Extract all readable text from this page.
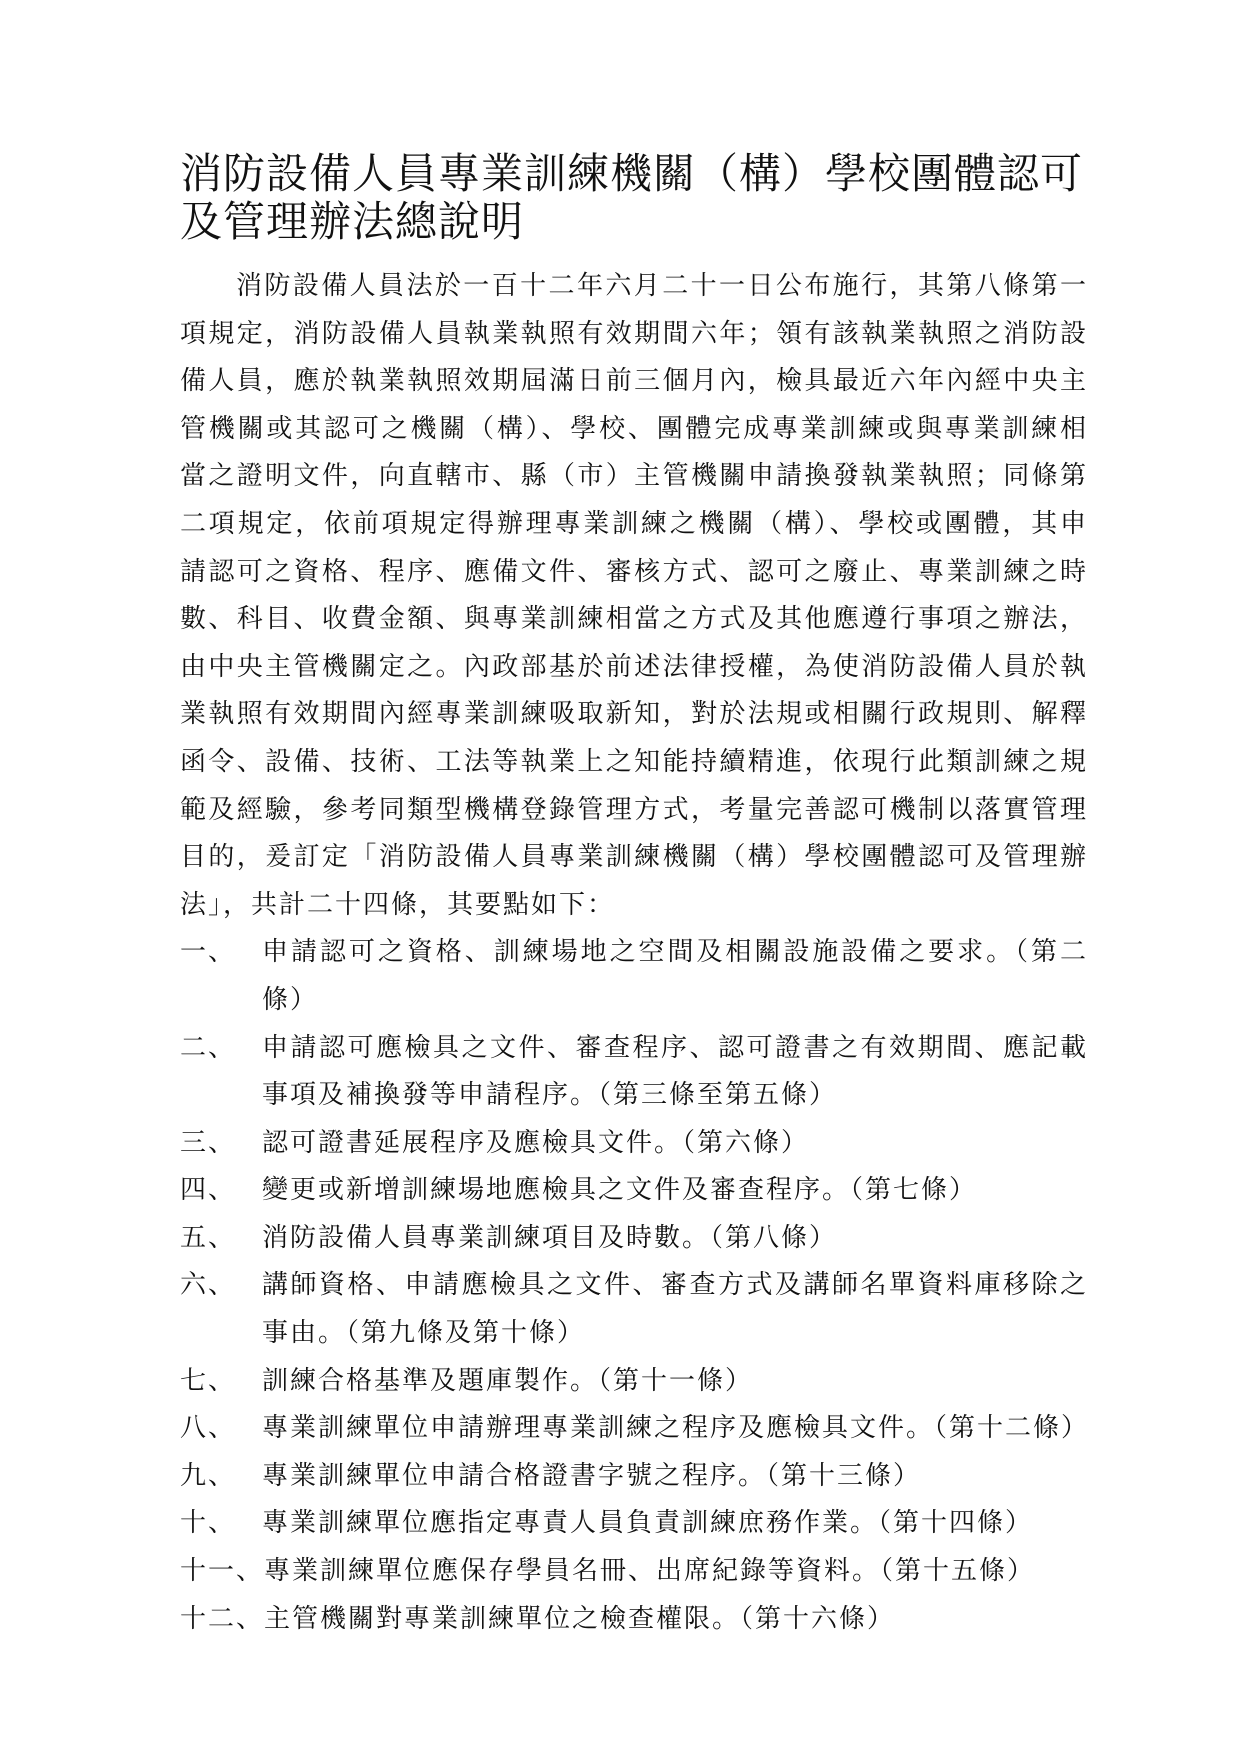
消防設備人員專業訓練機關（構）學校團體認可
及管理辦法總說明

消防設備人員法於一百十二年六月二十一日公布施行，其第八條第一項規定，消防設備人員執業執照有效期間六年；領有該執業執照之消防設備人員，應於執業執照效期屆滿日前三個月內，檢具最近六年內經中央主管機關或其認可之機關（構）、學校、團體完成專業訓練或與專業訓練相當之證明文件，向直轄市、縣（市）主管機關申請換發執業執照；同條第二項規定，依前項規定得辦理專業訓練之機關（構）、學校或團體，其申請認可之資格、程序、應備文件、審核方式、認可之廢止、專業訓練之時數、科目、收費金額、與專業訓練相當之方式及其他應遵行事項之辦法，由中央主管機關定之。內政部基於前述法律授權，為使消防設備人員於執業執照有效期間內經專業訓練吸取新知，對於法規或相關行政規則、解釋函令、設備、技術、工法等執業上之知能持續精進，依現行此類訓練之規範及經驗，參考同類型機構登錄管理方式，考量完善認可機制以落實管理目的，爰訂定「消防設備人員專業訓練機關（構）學校團體認可及管理辦法」，共計二十四條，其要點如下：

一、 申請認可之資格、訓練場地之空間及相關設施設備之要求。（第二條）
二、 申請認可應檢具之文件、審查程序、認可證書之有效期間、應記載事項及補換發等申請程序。（第三條至第五條）
三、 認可證書延展程序及應檢具文件。（第六條）
四、 變更或新增訓練場地應檢具之文件及審查程序。（第七條）
五、 消防設備人員專業訓練項目及時數。（第八條）
六、 講師資格、申請應檢具之文件、審查方式及講師名單資料庫移除之事由。（第九條及第十條）
七、 訓練合格基準及題庫製作。（第十一條）
八、 專業訓練單位申請辦理專業訓練之程序及應檢具文件。（第十二條）
九、 專業訓練單位申請合格證書字號之程序。（第十三條）
十、 專業訓練單位應指定專責人員負責訓練庶務作業。（第十四條）
十一、 專業訓練單位應保存學員名冊、出席紀錄等資料。（第十五條）
十二、 主管機關對專業訓練單位之檢查權限。（第十六條）
